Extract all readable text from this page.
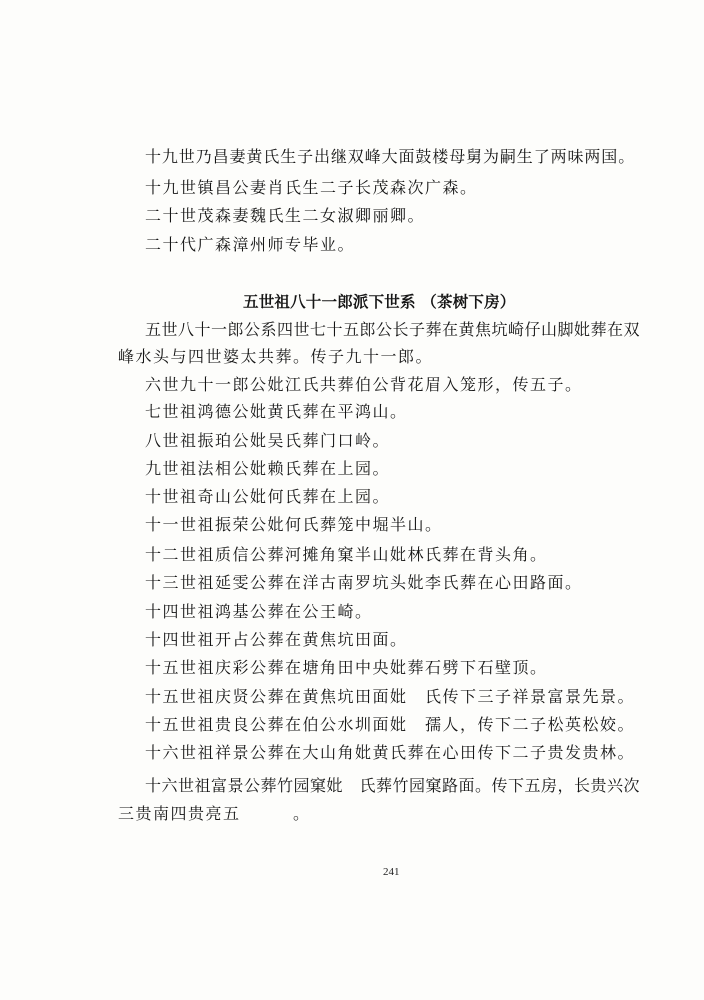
十九世乃昌妻黄氏生子出继双峰大面鼓楼母舅为嗣生了两味两国。
十九世镇昌公妻肖氏生二子长茂森次广森。
二十世茂森妻魏氏生二女淑卿丽卿。
二十代广森漳州师专毕业。
五世祖八十一郎派下世系 （茶树下房）
五世八十一郎公系四世七十五郎公长子葬在黄焦坑崎仔山脚妣葬在双
峰水头与四世婆太共葬。传子九十一郎。
六世九十一郎公妣江氏共葬伯公背花眉入笼形，传五子。
七世祖鸿德公妣黄氏葬在平鸿山。
八世祖振珀公妣吴氏葬门口岭。
九世祖法相公妣赖氏葬在上园。
十世祖奇山公妣何氏葬在上园。
十一世祖振荣公妣何氏葬笼中堀半山。
十二世祖质信公葬河摊角窠半山妣林氏葬在背头角。
十三世祖延雯公葬在洋古南罗坑头妣李氏葬在心田路面。
十四世祖鸿基公葬在公王崎。
十四世祖开占公葬在黄焦坑田面。
十五世祖庆彩公葬在塘角田中央妣葬石劈下石壁顶。
十五世祖庆贤公葬在黄焦坑田面妣　氏传下三子祥景富景先景。
十五世祖贵良公葬在伯公水圳面妣　孺人，传下二子松英松姣。
十六世祖祥景公葬在大山角妣黄氏葬在心田传下二子贵发贵林。
十六世祖富景公葬竹园窠妣　氏葬竹园窠路面。传下五房，长贵兴次
三贵南四贵亮五　　　。
241
